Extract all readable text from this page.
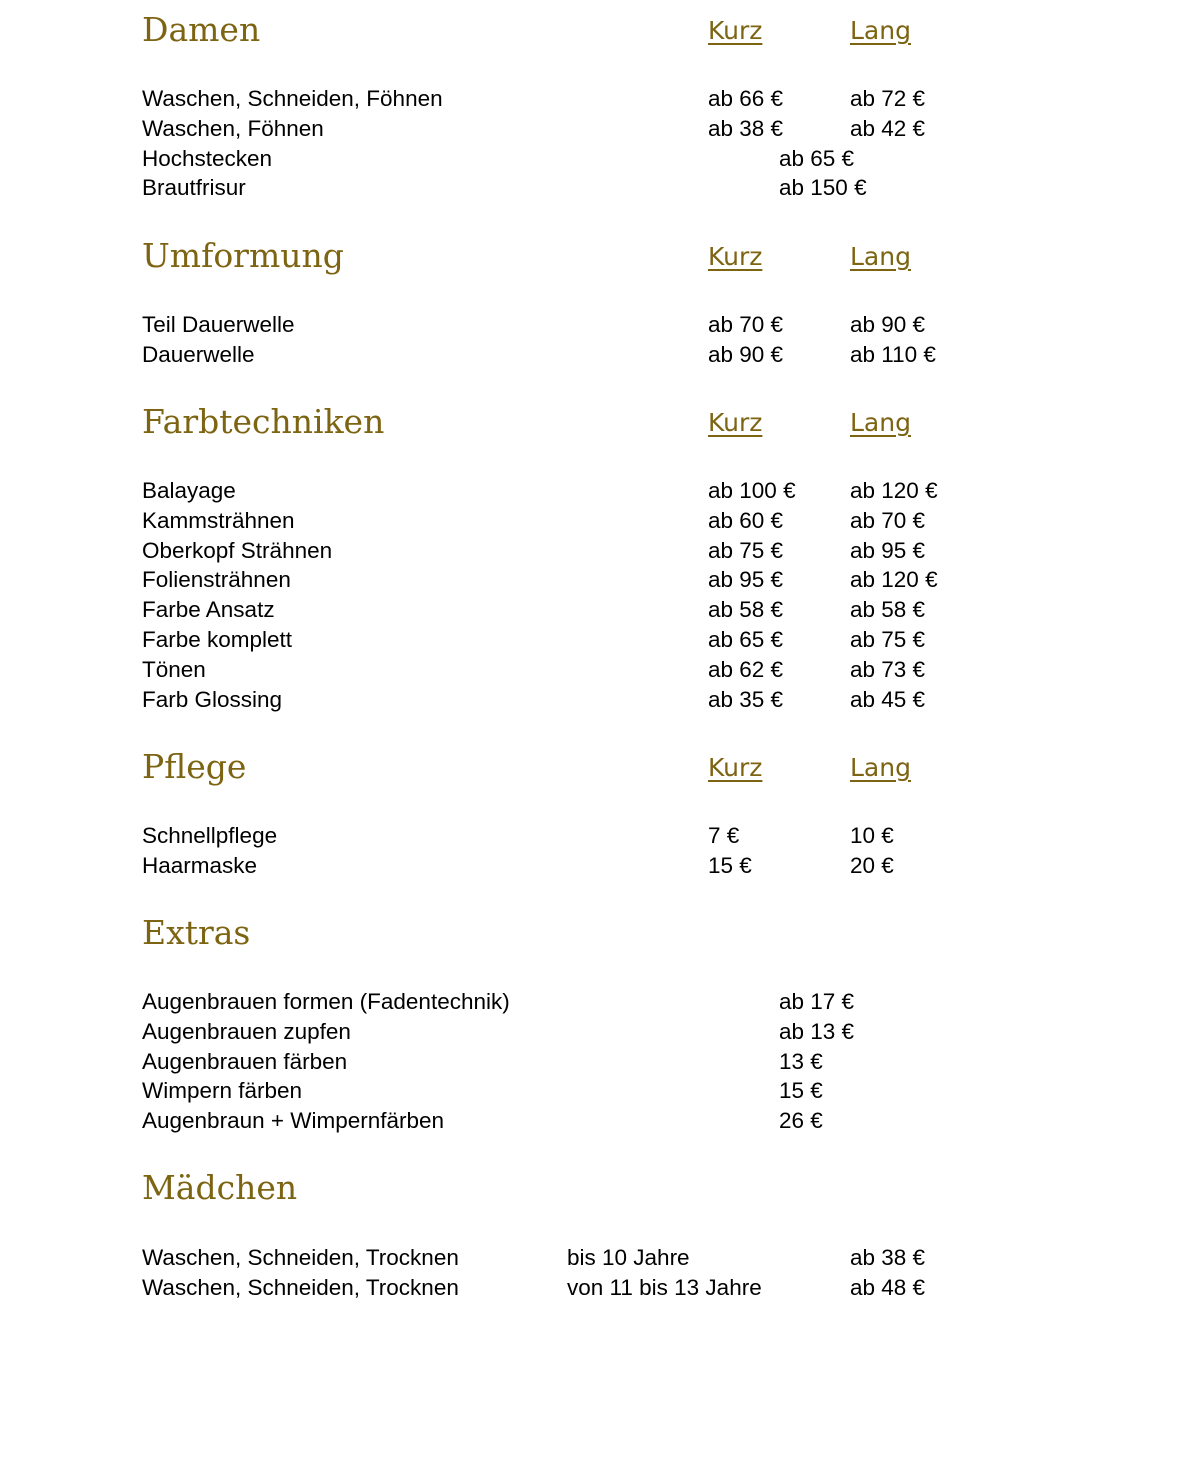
Damen	Kurz	Lang
Waschen, Schneiden, Föhnen	ab 66 €	ab 72 €
Waschen, Föhnen	ab 38 €	ab 42 €
Hochstecken	ab 65 €
Brautfrisur	ab 150 €
Umformung	Kurz	Lang
Teil Dauerwelle	ab 70 €	ab 90 €
Dauerwelle	ab 90 €	ab 110 €
Farbtechniken	Kurz	Lang
Balayage	ab 100 € ab 120 €
Kammsträhnen	ab 60 €	ab 70 €
Oberkopf Strähnen	ab 75 €	ab 95 €
Foliensträhnen	ab 95 €	ab 120 €
Farbe Ansatz	ab 58 €	ab 58 €
Farbe komplett	ab 65 €	ab 75 €
Tönen	ab 62 €	ab 73 €
Farb Glossing	ab 35 €	ab 45 €
Pflege	Kurz	Lang
Schnellpflege	7 €	10 €
Haarmaske	15 €	20 €
Extras
Augenbrauen formen (Fadentechnik)	ab 17 €
Augenbrauen zupfen	ab 13 €
Augenbrauen färben	13 €
Wimpern färben	15 €
Augenbraun + Wimpernfärben	26 €
Mädchen
Waschen, Schneiden, Trocknen	bis 10 Jahre	ab 38 €
Waschen, Schneiden, Trocknen	von 11 bis 13 Jahre	ab 48 €
